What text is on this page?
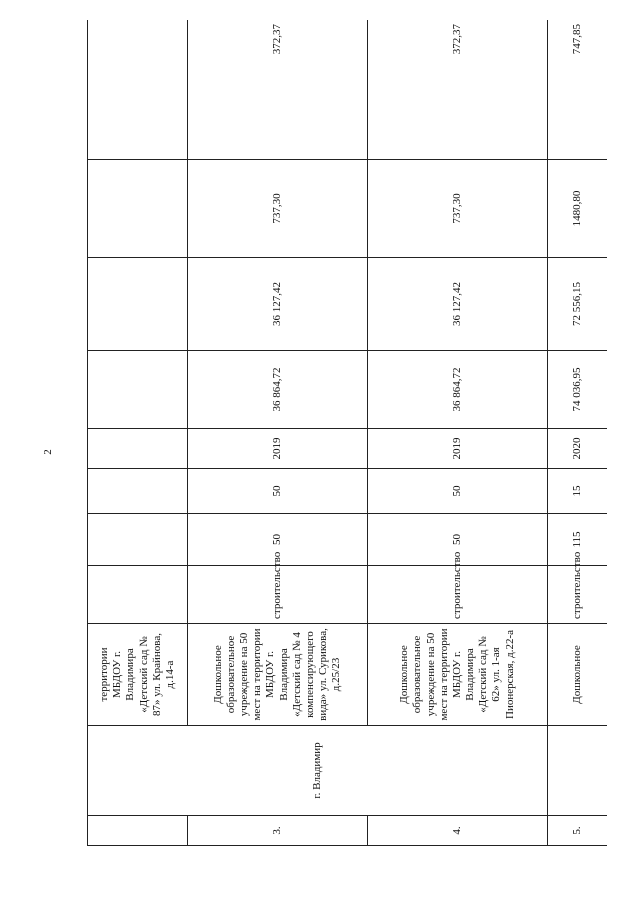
2
	г. Владимир	территории МБДОУ г. Владимира «Детский сад № 87» ул. Крайнова, д.14-а								
3.		Дошкольное образовательное учреждение на 50 мест на территории МБДОУ г. Владимира «Детский сад № 4 компенсирующего вида» ул. Сурикова, д.25/23	строительство	50	50	2019	36 864,72	36 127,42	737,30	372,37
4.		Дошкольное образовательное учреждение на 50 мест на территории МБДОУ г. Владимира «Детский сад № 62» ул. 1-ая Пионерская, д.22-а	строительство	50	50	2019	36 864,72	36 127,42	737,30	372,37
5.		Дошкольное	строительство	115	15	2020	74 036,95	72 556,15	1480,80	747,85
